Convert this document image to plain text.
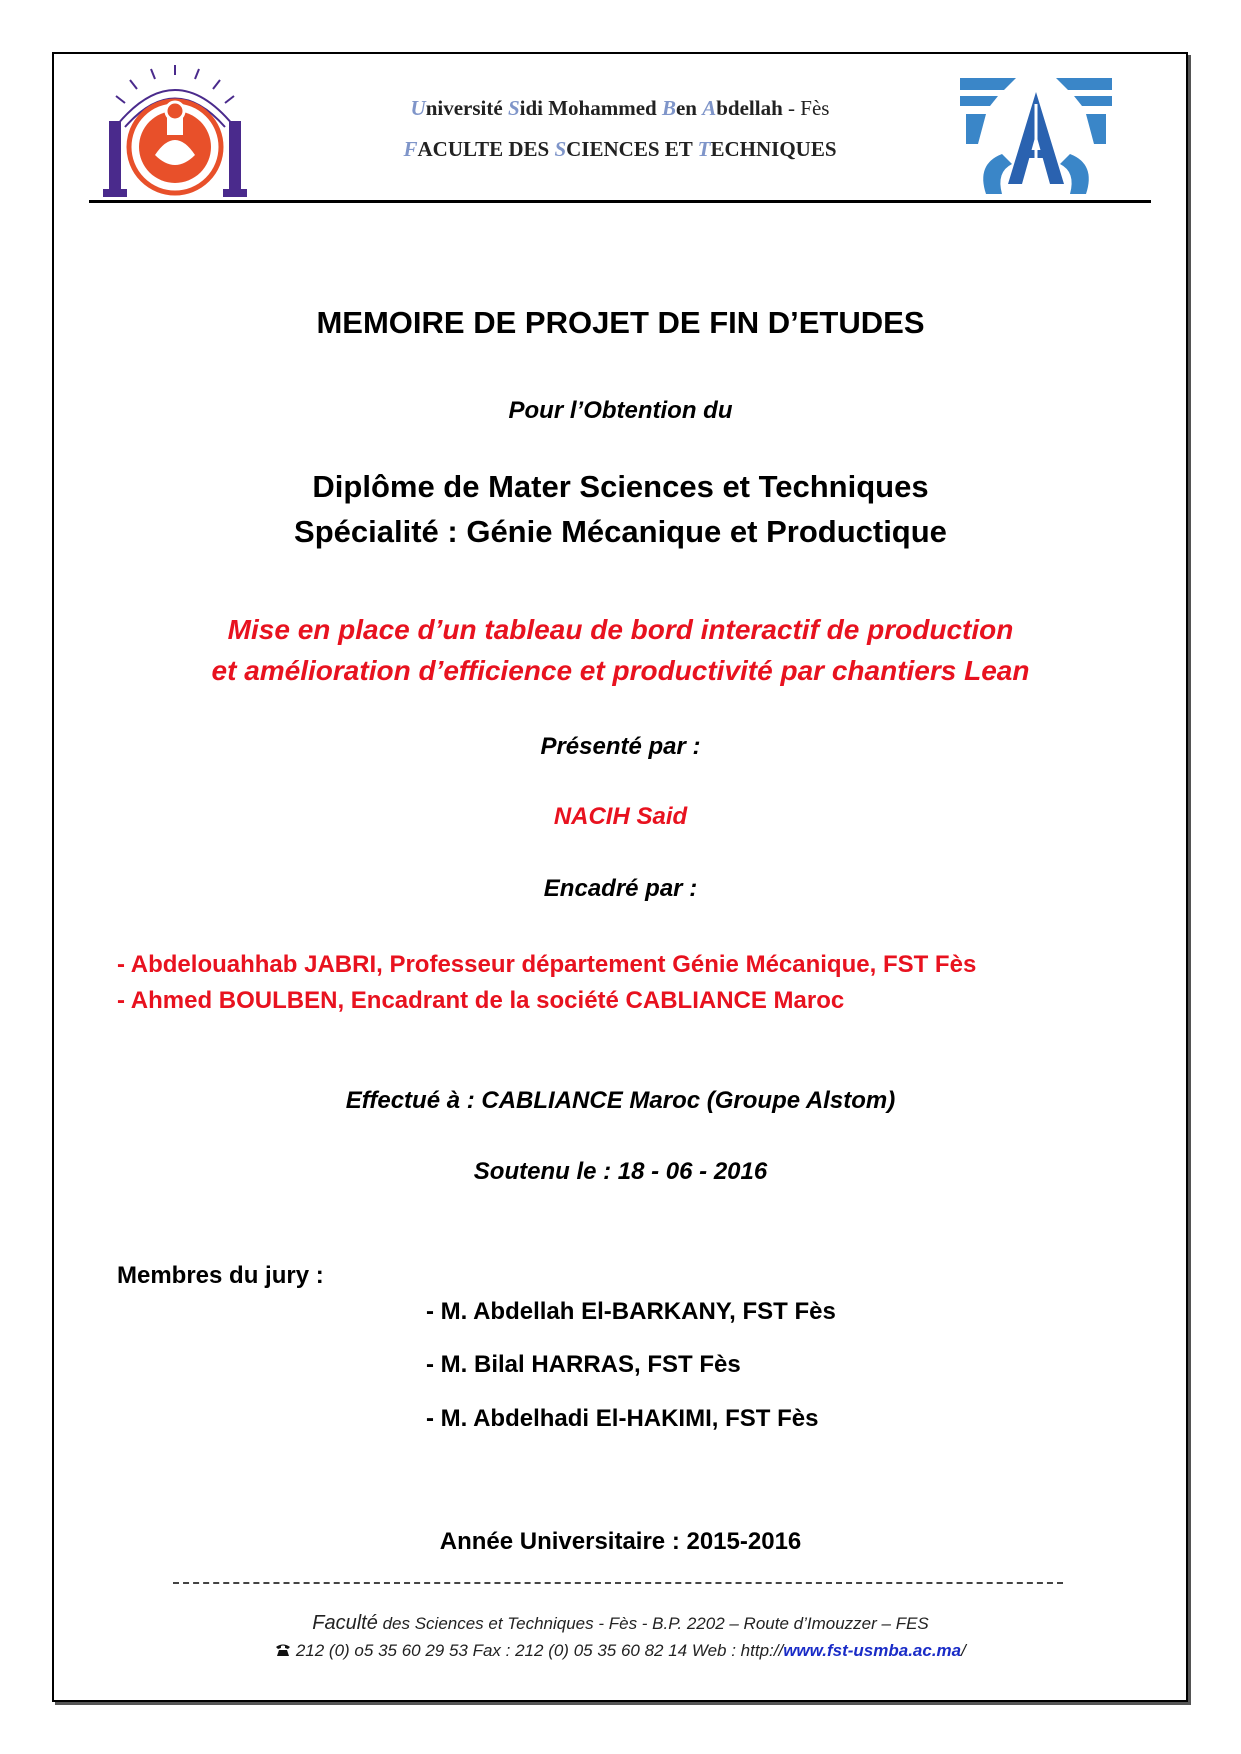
Université Sidi Mohammed Ben Abdellah - Fès
FACULTE DES SCIENCES ET TECHNIQUES
MEMOIRE DE PROJET DE FIN D’ETUDES
Pour l’Obtention du
Diplôme de Mater Sciences et Techniques
Spécialité : Génie Mécanique et Productique
Mise en place d’un tableau de bord interactif de production
et amélioration d’efficience et productivité par chantiers Lean
Présenté par :
NACIH Said
Encadré par :
- Abdelouahhab JABRI, Professeur département Génie Mécanique, FST Fès
- Ahmed BOULBEN, Encadrant de la société CABLIANCE Maroc
Effectué à : CABLIANCE Maroc (Groupe Alstom)
Soutenu le : 18 - 06 - 2016
Membres du jury :
- M. Abdellah El-BARKANY, FST Fès
- M. Bilal HARRAS, FST Fès
- M. Abdelhadi El-HAKIMI, FST Fès
Année Universitaire : 2015-2016
Faculté des Sciences et Techniques - Fès - B.P. 2202 – Route d’Imouzzer – FES
212 (0) o5 35 60 29 53 Fax : 212 (0) 05 35 60 82 14 Web : http://www.fst-usmba.ac.ma/
